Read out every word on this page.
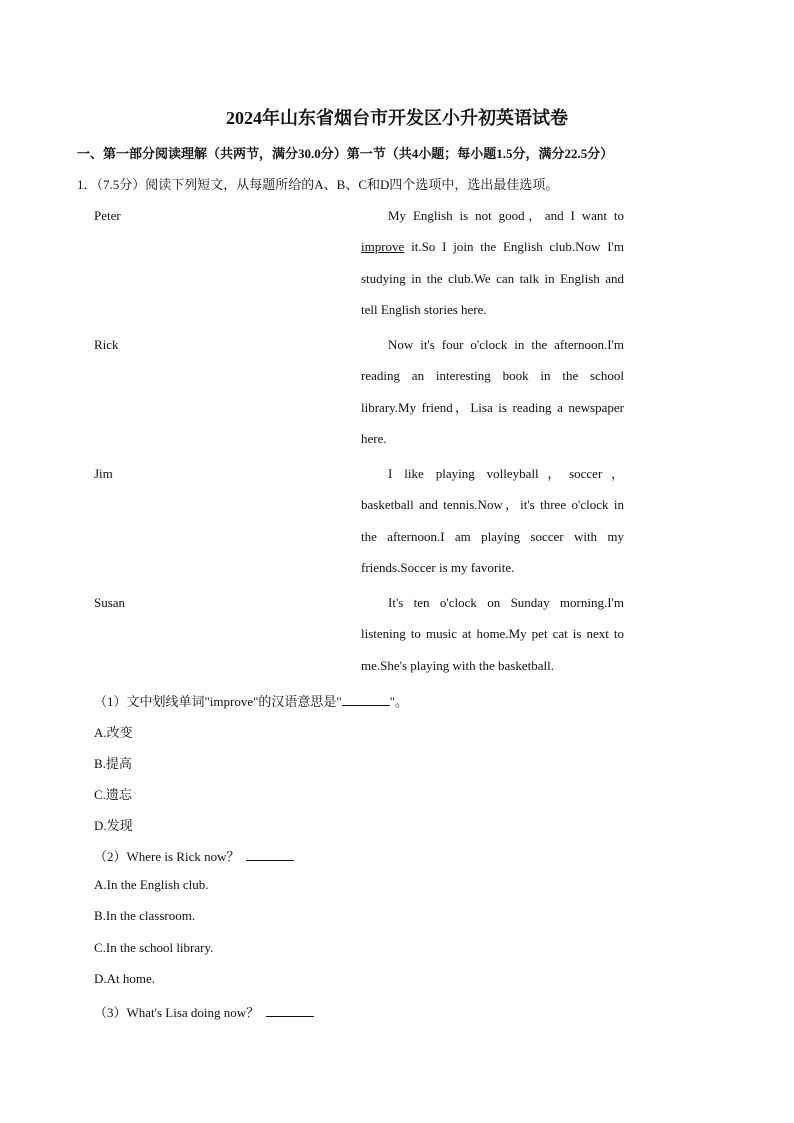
2024年山东省烟台市开发区小升初英语试卷
一、第一部分阅读理解（共两节，满分30.0分）第一节（共4小题；每小题1.5分，满分22.5分）
1．（7.5分）阅读下列短文，从每题所给的A、B、C和D四个选项中，选出最佳选项。
Peter	My English is not good，and I want to improve it.So I join the English club.Now I'm studying in the club.We can talk in English and tell English stories here.
Rick	Now it's four o'clock in the afternoon.I'm reading an interesting book in the school library.My friend，Lisa is reading a newspaper here.
Jim	I like playing volleyball，soccer，basketball and tennis.Now，it's three o'clock in the afternoon.I am playing soccer with my friends.Soccer is my favorite.
Susan	It's ten o'clock on Sunday morning.I'm listening to music at home.My pet cat is next to me.She's playing with the basketball.
（1）文中划线单词"improve"的汉语意思是"	"。
A.改变
B.提高
C.遗忘
D.发现
（2）Where is Rick now？
A.In the English club.
B.In the classroom.
C.In the school library.
D.At home.
（3）What's Lisa doing now？
